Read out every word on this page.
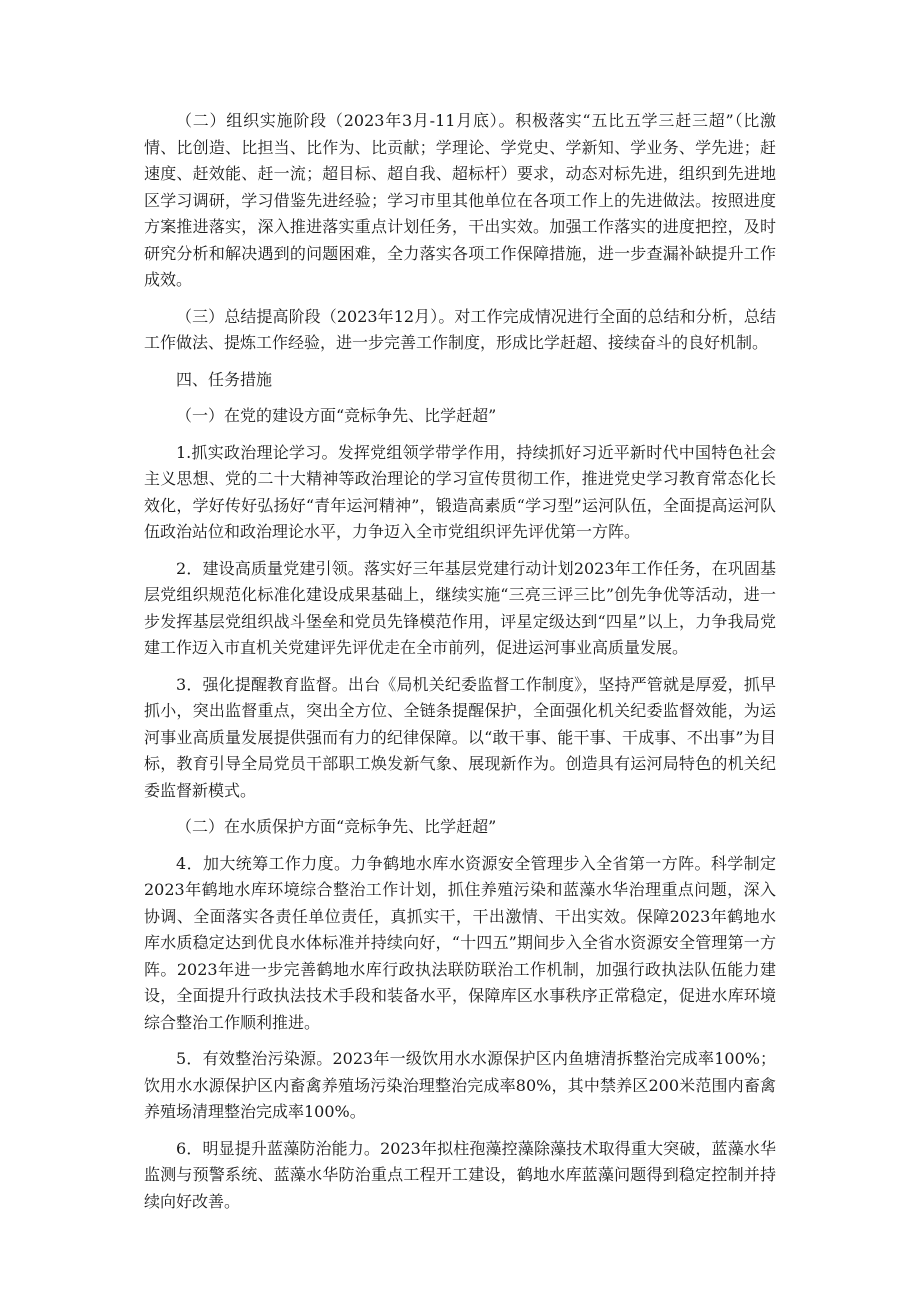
（二）组织实施阶段（2023年3月-11月底）。积极落实“五比五学三赶三超”（比激情、比创造、比担当、比作为、比贡献；学理论、学党史、学新知、学业务、学先进；赶速度、赶效能、赶一流；超目标、超自我、超标杆）要求，动态对标先进，组织到先进地区学习调研，学习借鉴先进经验；学习市里其他单位在各项工作上的先进做法。按照进度方案推进落实，深入推进落实重点计划任务，干出实效。加强工作落实的进度把控，及时研究分析和解决遇到的问题困难，全力落实各项工作保障措施，进一步查漏补缺提升工作成效。

（三）总结提高阶段（2023年12月）。对工作完成情况进行全面的总结和分析，总结工作做法、提炼工作经验，进一步完善工作制度，形成比学赶超、接续奋斗的良好机制。

四、任务措施

（一）在党的建设方面“竞标争先、比学赶超”

1.抓实政治理论学习。发挥党组领学带学作用，持续抓好习近平新时代中国特色社会主义思想、党的二十大精神等政治理论的学习宣传贯彻工作，推进党史学习教育常态化长效化，学好传好弘扬好“青年运河精神”，锻造高素质“学习型”运河队伍，全面提高运河队伍政治站位和政治理论水平，力争迈入全市党组织评先评优第一方阵。

2．建设高质量党建引领。落实好三年基层党建行动计划2023年工作任务，在巩固基层党组织规范化标准化建设成果基础上，继续实施“三亮三评三比”创先争优等活动，进一步发挥基层党组织战斗堡垒和党员先锋模范作用，评星定级达到“四星”以上，力争我局党建工作迈入市直机关党建评先评优走在全市前列，促进运河事业高质量发展。

3．强化提醒教育监督。出台《局机关纪委监督工作制度》，坚持严管就是厚爱，抓早抓小，突出监督重点，突出全方位、全链条提醒保护，全面强化机关纪委监督效能，为运河事业高质量发展提供强而有力的纪律保障。以“敢干事、能干事、干成事、不出事”为目标，教育引导全局党员干部职工焕发新气象、展现新作为。创造具有运河局特色的机关纪委监督新模式。

（二）在水质保护方面“竞标争先、比学赶超”

4．加大统筹工作力度。力争鹤地水库水资源安全管理步入全省第一方阵。科学制定2023年鹤地水库环境综合整治工作计划，抓住养殖污染和蓝藻水华治理重点问题，深入协调、全面落实各责任单位责任，真抓实干，干出激情、干出实效。保障2023年鹤地水库水质稳定达到优良水体标准并持续向好，“十四五”期间步入全省水资源安全管理第一方阵。2023年进一步完善鹤地水库行政执法联防联治工作机制，加强行政执法队伍能力建设，全面提升行政执法技术手段和装备水平，保障库区水事秩序正常稳定，促进水库环境综合整治工作顺利推进。

5．有效整治污染源。2023年一级饮用水水源保护区内鱼塘清拆整治完成率100%；饮用水水源保护区内畜禽养殖场污染治理整治完成率80%，其中禁养区200米范围内畜禽养殖场清理整治完成率100%。

6．明显提升蓝藻防治能力。2023年拟柱孢藻控藻除藻技术取得重大突破，蓝藻水华监测与预警系统、蓝藻水华防治重点工程开工建设，鹤地水库蓝藻问题得到稳定控制并持续向好改善。
